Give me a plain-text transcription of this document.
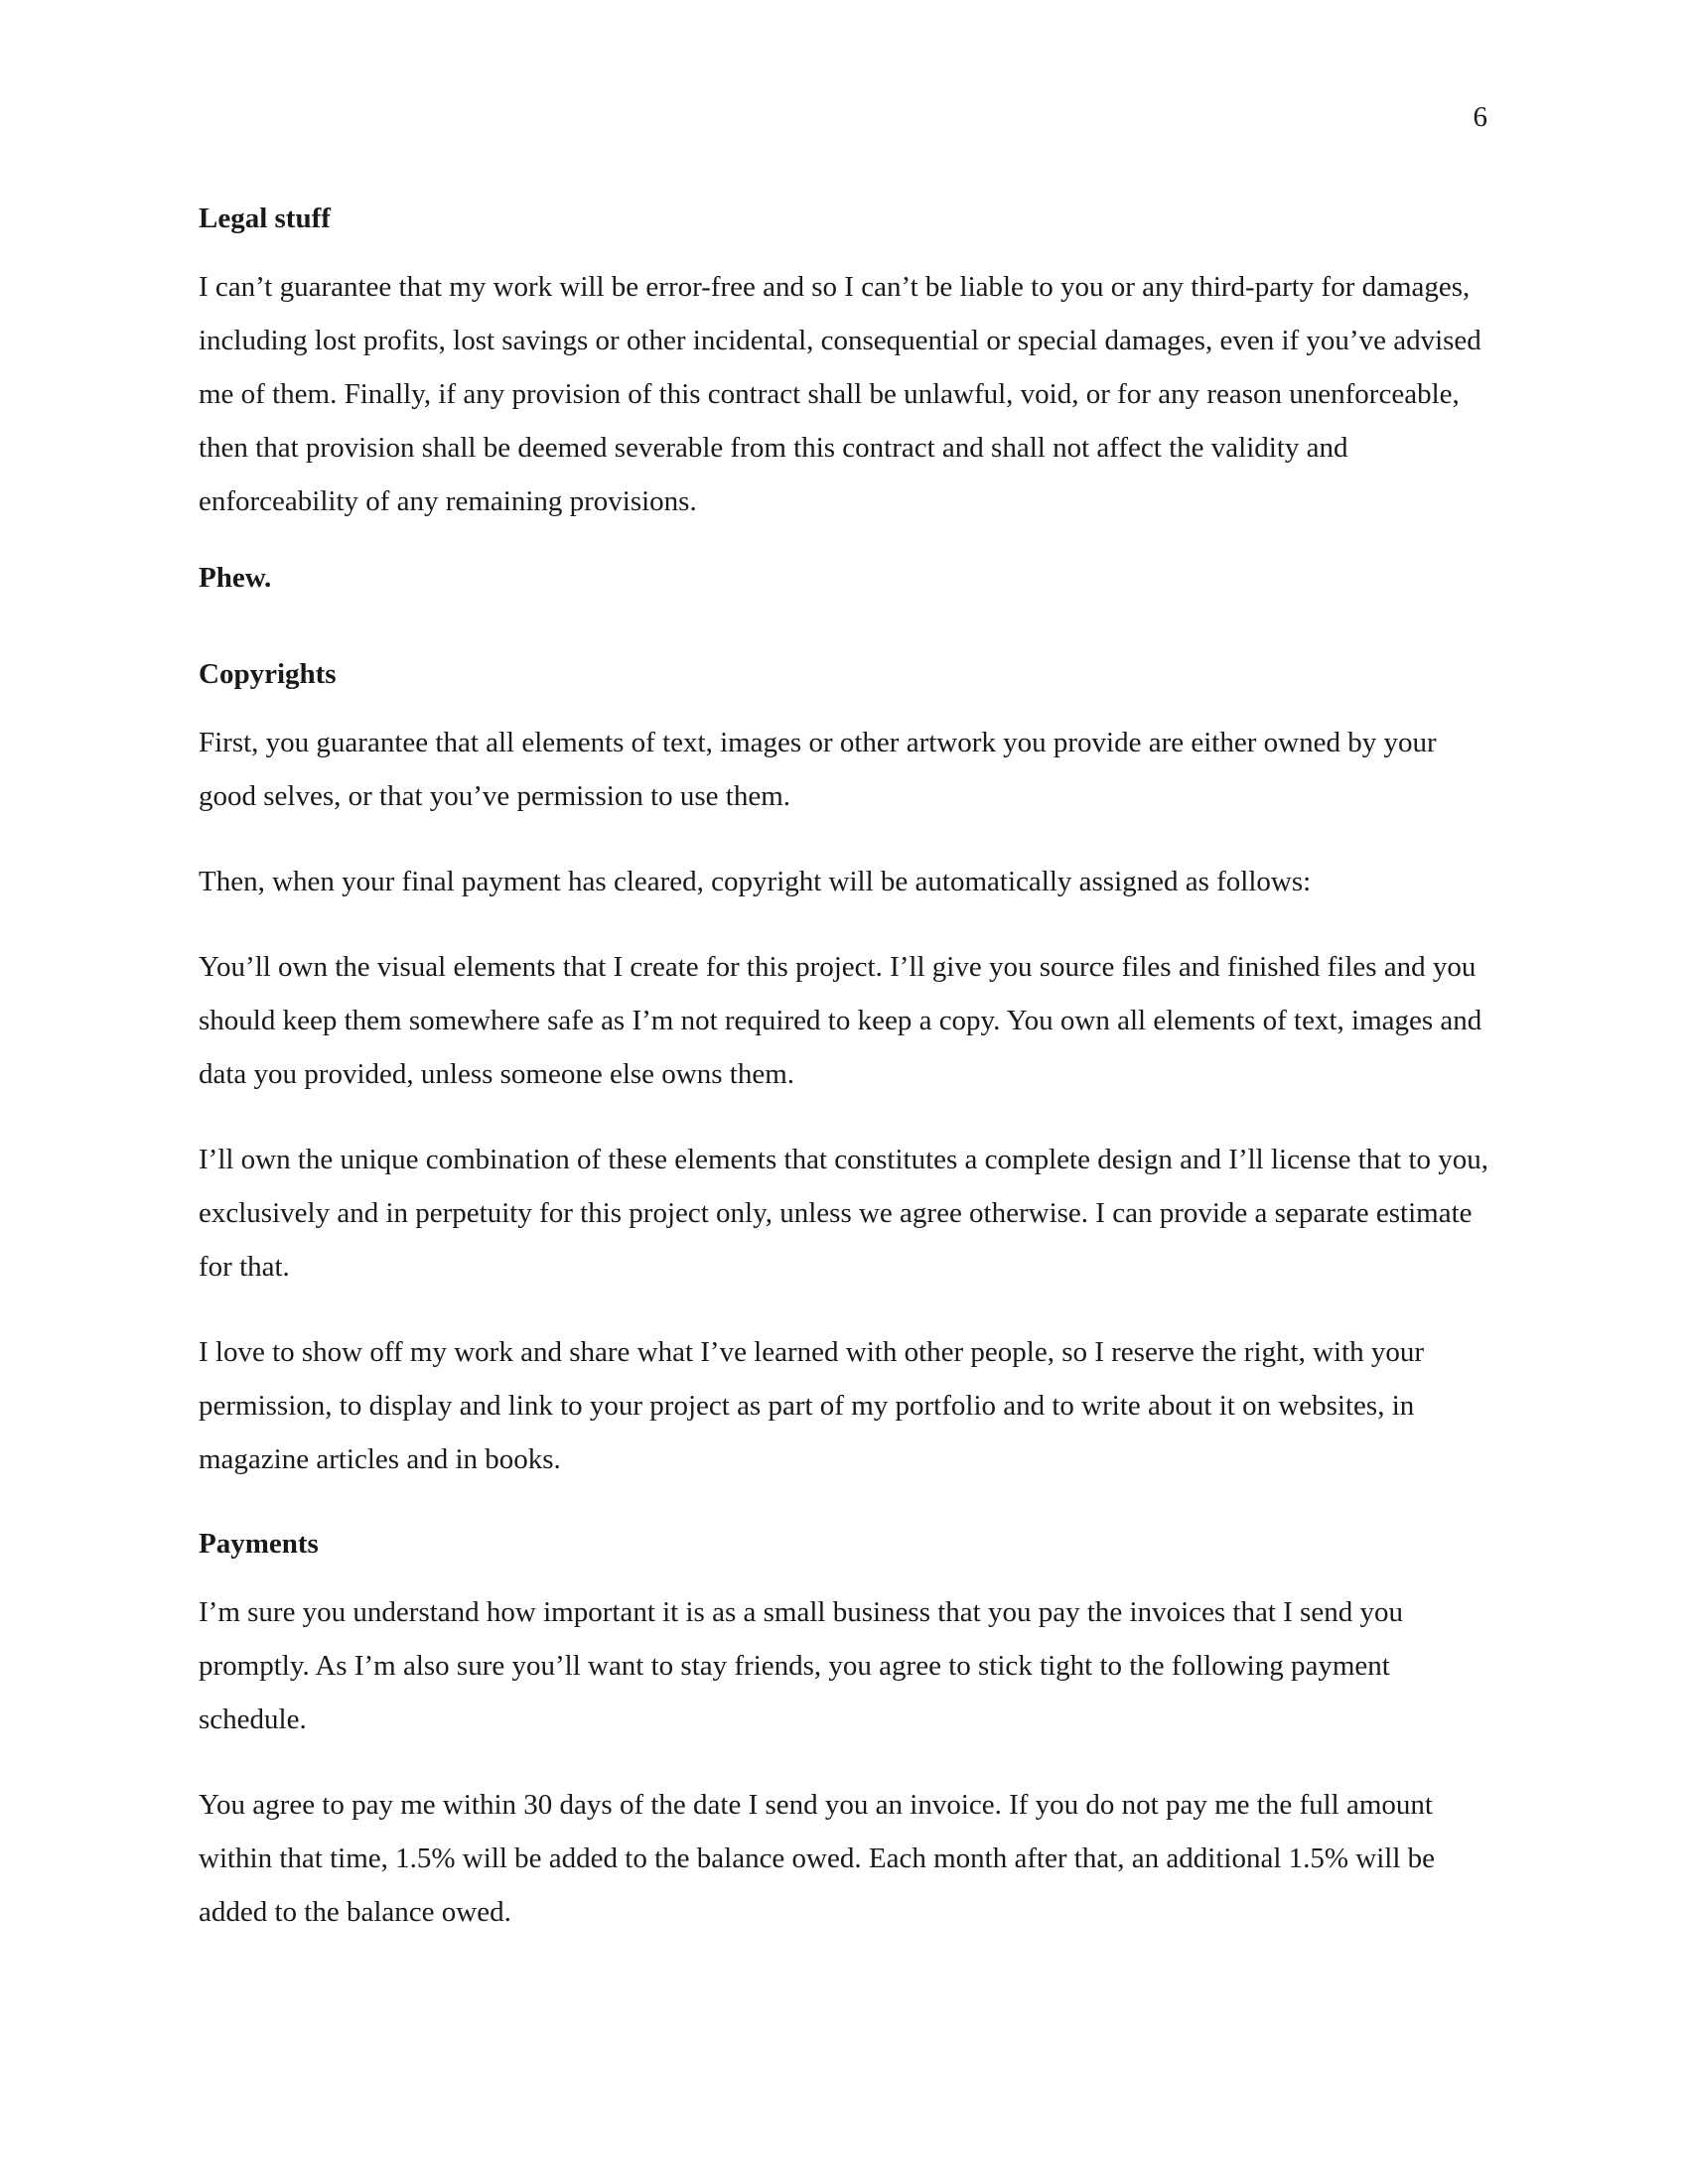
6
Legal stuff

I can’t guarantee that my work will be error-free and so I can’t be liable to you or any third-party for damages, including lost profits, lost savings or other incidental, consequential or special damages, even if you’ve advised me of them. Finally, if any provision of this contract shall be unlawful, void, or for any reason unenforceable, then that provision shall be deemed severable from this contract and shall not affect the validity and enforceability of any remaining provisions.

Phew.
Copyrights

First, you guarantee that all elements of text, images or other artwork you provide are either owned by your good selves, or that you’ve permission to use them.

Then, when your final payment has cleared, copyright will be automatically assigned as follows:

You’ll own the visual elements that I create for this project. I’ll give you source files and finished files and you should keep them somewhere safe as I’m not required to keep a copy. You own all elements of text, images and data you provided, unless someone else owns them.

I’ll own the unique combination of these elements that constitutes a complete design and I’ll license that to you, exclusively and in perpetuity for this project only, unless we agree otherwise. I can provide a separate estimate for that.

I love to show off my work and share what I’ve learned with other people, so I reserve the right, with your permission, to display and link to your project as part of my portfolio and to write about it on websites, in magazine articles and in books.

Payments

I’m sure you understand how important it is as a small business that you pay the invoices that I send you promptly. As I’m also sure you’ll want to stay friends, you agree to stick tight to the following payment schedule.

You agree to pay me within 30 days of the date I send you an invoice. If you do not pay me the full amount within that time, 1.5% will be added to the balance owed. Each month after that, an additional 1.5% will be added to the balance owed.
